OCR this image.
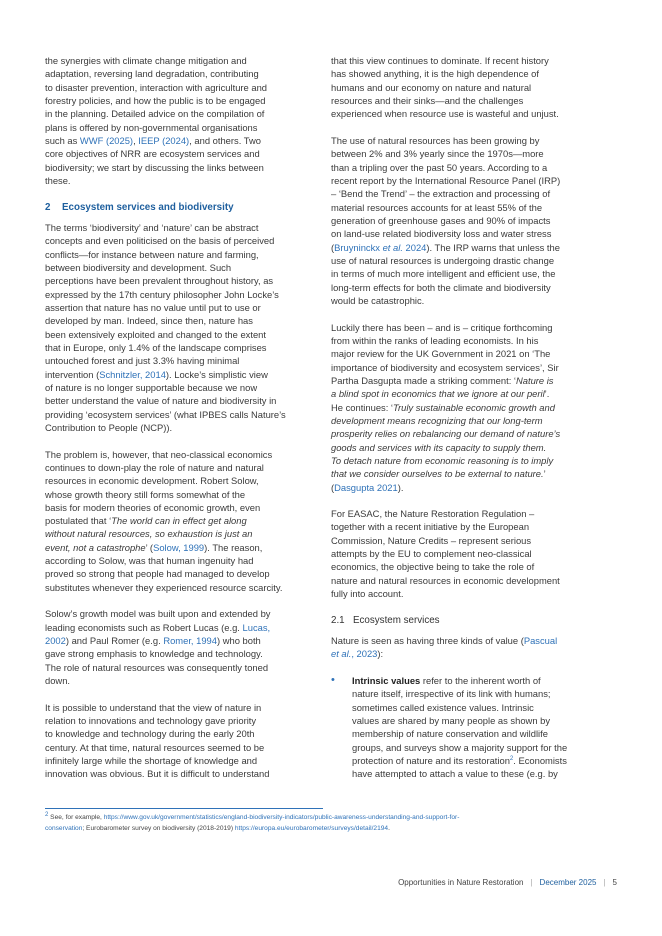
the synergies with climate change mitigation and
adaptation, reversing land degradation, contributing
to disaster prevention, interaction with agriculture and
forestry policies, and how the public is to be engaged
in the planning. Detailed advice on the compilation of
plans is offered by non-governmental organisations
such as WWF (2025), IEEP (2024), and others. Two
core objectives of NRR are ecosystem services and
biodiversity; we start by discussing the links between
these.
2 Ecosystem services and biodiversity
The terms ‘biodiversity’ and ‘nature’ can be abstract
concepts and even politicised on the basis of perceived
conflicts—for instance between nature and farming,
between biodiversity and development. Such
perceptions have been prevalent throughout history, as
expressed by the 17th century philosopher John Locke’s
assertion that nature has no value until put to use or
developed by man. Indeed, since then, nature has
been extensively exploited and changed to the extent
that in Europe, only 1.4% of the landscape comprises
untouched forest and just 3.3% having minimal
intervention (Schnitzler, 2014). Locke’s simplistic view
of nature is no longer supportable because we now
better understand the value of nature and biodiversity in
providing ‘ecosystem services’ (what IPBES calls Nature’s
Contribution to People (NCP)).
The problem is, however, that neo-classical economics
continues to down-play the role of nature and natural
resources in economic development. Robert Solow,
whose growth theory still forms somewhat of the
basis for modern theories of economic growth, even
postulated that ‘The world can in effect get along
without natural resources, so exhaustion is just an
event, not a catastrophe’ (Solow, 1999). The reason,
according to Solow, was that human ingenuity had
proved so strong that people had managed to develop
substitutes whenever they experienced resource scarcity.
Solow’s growth model was built upon and extended by
leading economists such as Robert Lucas (e.g. Lucas,
2002) and Paul Romer (e.g. Romer, 1994) who both
gave strong emphasis to knowledge and technology.
The role of natural resources was consequently toned
down.
It is possible to understand that the view of nature in
relation to innovations and technology gave priority
to knowledge and technology during the early 20th
century. At that time, natural resources seemed to be
infinitely large while the shortage of knowledge and
innovation was obvious. But it is difficult to understand
that this view continues to dominate. If recent history
has showed anything, it is the high dependence of
humans and our economy on nature and natural
resources and their sinks—and the challenges
experienced when resource use is wasteful and unjust.
The use of natural resources has been growing by
between 2% and 3% yearly since the 1970s—more
than a tripling over the past 50 years. According to a
recent report by the International Resource Panel (IRP)
– ‘Bend the Trend’ – the extraction and processing of
material resources accounts for at least 55% of the
generation of greenhouse gases and 90% of impacts
on land-use related biodiversity loss and water stress
(Bruyninckx et al. 2024). The IRP warns that unless the
use of natural resources is undergoing drastic change
in terms of much more intelligent and efficient use, the
long-term effects for both the climate and biodiversity
would be catastrophic.
Luckily there has been – and is – critique forthcoming
from within the ranks of leading economists. In his
major review for the UK Government in 2021 on ‘The
importance of biodiversity and ecosystem services’, Sir
Partha Dasgupta made a striking comment: ‘Nature is
a blind spot in economics that we ignore at our peril’.
He continues: ‘Truly sustainable economic growth and
development means recognizing that our long-term
prosperity relies on rebalancing our demand of nature’s
goods and services with its capacity to supply them.
To detach nature from economic reasoning is to imply
that we consider ourselves to be external to nature.’
(Dasgupta 2021).
For EASAC, the Nature Restoration Regulation –
together with a recent initiative by the European
Commission, Nature Credits – represent serious
attempts by the EU to complement neo-classical
economics, the objective being to take the role of
nature and natural resources in economic development
fully into account.
2.1 Ecosystem services
Nature is seen as having three kinds of value (Pascual
et al., 2023):
• Intrinsic values refer to the inherent worth of
nature itself, irrespective of its link with humans;
sometimes called existence values. Intrinsic
values are shared by many people as shown by
membership of nature conservation and wildlife
groups, and surveys show a majority support for the
protection of nature and its restoration$^2$. Economists
have attempted to attach a value to these (e.g. by
2 See, for example, https://www.gov.uk/government/statistics/england-biodiversity-indicators/public-awareness-understanding-and-support-for-
conservation; Eurobarometer survey on biodiversity (2018-2019) https://europa.eu/eurobarometer/surveys/detail/2194.
Opportunities in Nature Restoration | December 2025 | 5
